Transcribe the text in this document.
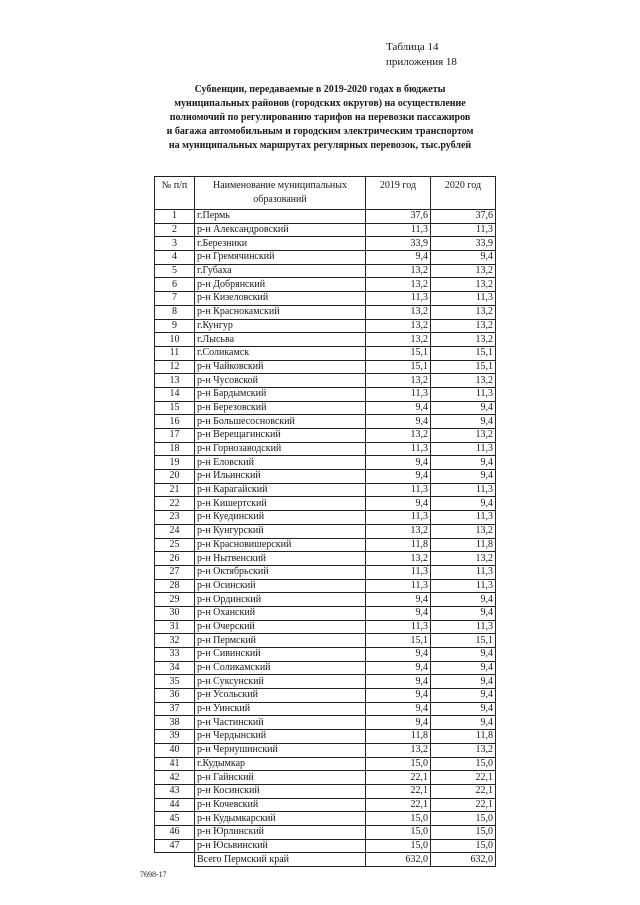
Таблица 14
приложения 18
Субвенции, передаваемые в 2019-2020 годах в бюджеты
муниципальных районов (городских округов) на осуществление
полномочий по регулированию тарифов на перевозки пассажиров
и багажа автомобильным и городским электрическим транспортом
на муниципальных маршрутах регулярных перевозок, тыс.рублей
№ п/п	Наименование муниципальных образований	2019 год	2020 год
1	г.Пермь	37,6	37,6
2	р-н Александровский	11,3	11,3
3	г.Березники	33,9	33,9
4	р-н Гремячинский	9,4	9,4
5	г.Губаха	13,2	13,2
6	р-н Добрянский	13,2	13,2
7	р-н Кизеловский	11,3	11,3
8	р-н Краснокамский	13,2	13,2
9	г.Кунгур	13,2	13,2
10	г.Лысьва	13,2	13,2
11	г.Соликамск	15,1	15,1
12	р-н Чайковский	15,1	15,1
13	р-н Чусовской	13,2	13,2
14	р-н Бардымский	11,3	11,3
15	р-н Березовский	9,4	9,4
16	р-н Большесосновский	9,4	9,4
17	р-н Верещагинский	13,2	13,2
18	р-н Горнозаводский	11,3	11,3
19	р-н Еловский	9,4	9,4
20	р-н Ильинский	9,4	9,4
21	р-н Карагайский	11,3	11,3
22	р-н Кишертский	9,4	9,4
23	р-н Куединский	11,3	11,3
24	р-н Кунгурский	13,2	13,2
25	р-н Красновишерский	11,8	11,8
26	р-н Нытвенский	13,2	13,2
27	р-н Октябрьский	11,3	11,3
28	р-н Осинский	11,3	11,3
29	р-н Ординский	9,4	9,4
30	р-н Оханский	9,4	9,4
31	р-н Очерский	11,3	11,3
32	р-н Пермский	15,1	15,1
33	р-н Сивинский	9,4	9,4
34	р-н Соликамский	9,4	9,4
35	р-н Суксунский	9,4	9,4
36	р-н Усольский	9,4	9,4
37	р-н Уинский	9,4	9,4
38	р-н Частинский	9,4	9,4
39	р-н Чердынский	11,8	11,8
40	р-н Чернушинский	13,2	13,2
41	г.Кудымкар	15,0	15,0
42	р-н Гайнский	22,1	22,1
43	р-н Косинский	22,1	22,1
44	р-н Кочевский	22,1	22,1
45	р-н Кудымкарский	15,0	15,0
46	р-н Юрлинский	15,0	15,0
47	р-н Юсьвинский	15,0	15,0
	Всего Пермский край	632,0	632,0
7698-17
